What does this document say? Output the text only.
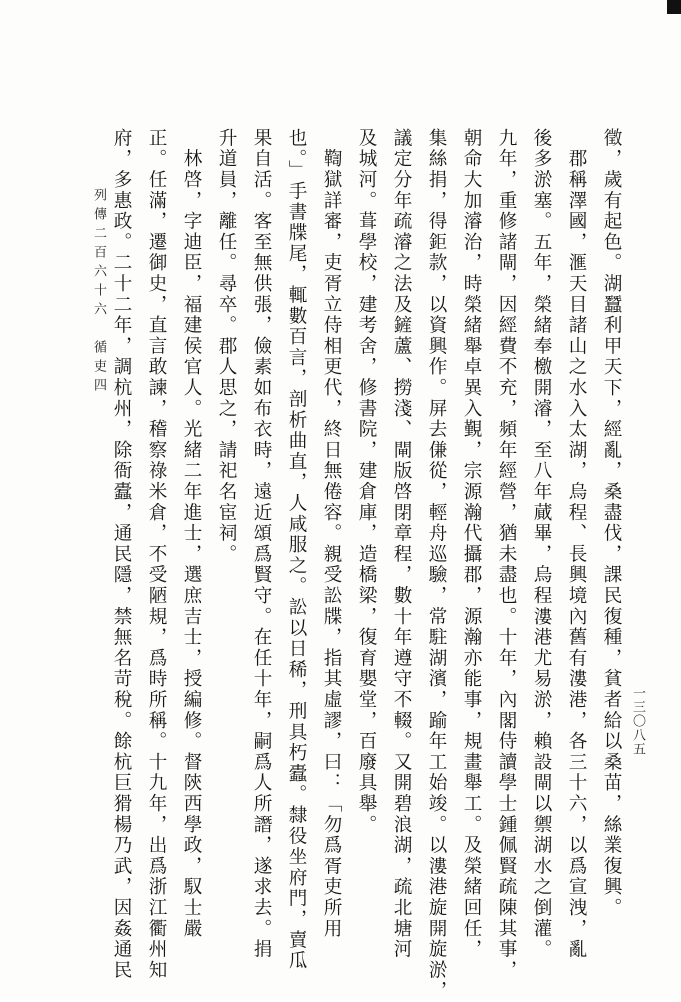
徵，歲有起色。湖蠶利甲天下，經亂，桑盡伐，課民復種，貧者給以桑苗，絲業復興。
　郡稱澤國，滙天目諸山之水入太湖，烏程、長興境內舊有漊港，各三十六，以爲宣洩，亂
後多淤塞。五年，榮緒奉檄開濬，至八年蕆畢，烏程漊港尤易淤，賴設閘以禦湖水之倒灌。
九年，重修諸閘，因經費不充，頻年經營，猶未盡也。十年，內閣侍讀學士鍾佩賢疏陳其事，
朝命大加濬治，時榮緒舉卓異入覲，宗源瀚代攝郡，源瀚亦能事，規畫舉工。及榮緒回任，
集絲捐，得鉅款，以資興作。屏去傔從，輕舟巡驗，常駐湖濱，踰年工始竣。以漊港旋開旋淤，
議定分年疏濬之法及鏟蘆、撈淺、閘版啓閉章程，數十年遵守不輟。又開碧浪湖，疏北塘河
及城河。葺學校，建考舍，修書院，建倉庫，造橋梁，復育嬰堂，百廢具舉。
　鞫獄詳審，吏胥立侍相更代，終日無倦容。親受訟牒，指其虛謬，曰：「勿爲胥吏所用
也。」手書牒尾，輒數百言，剖析曲直，人咸服之。訟以日稀，刑具朽蠹。隸役坐府門，賣瓜
果自活。客至無供張，儉素如布衣時，遠近頌爲賢守。在任十年，嗣爲人所譖，遂求去。捐
升道員，離任。尋卒。郡人思之，請祀名宦祠。
　林啓，字迪臣，福建侯官人。光緒二年進士，選庶吉士，授編修。督陝西學政，馭士嚴
正。任滿，遷御史，直言敢諫，稽察祿米倉，不受陋規，爲時所稱。十九年，出爲浙江衢州知
府，多惠政。二十二年，調杭州，除衙蠹，通民隱，禁無名苛稅。餘杭巨猾楊乃武，因姦通民
列傳二百六十六　循吏四
一三〇八五
